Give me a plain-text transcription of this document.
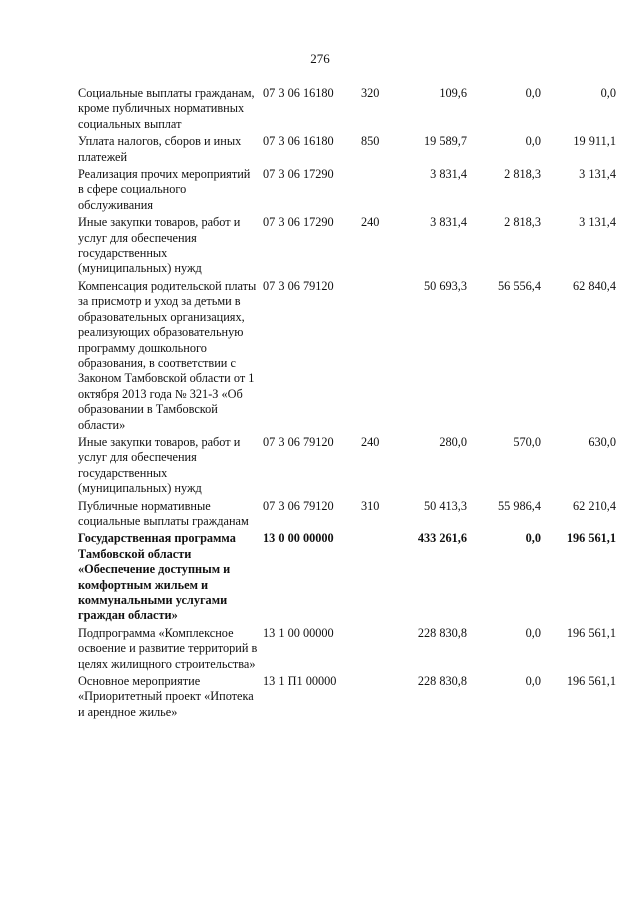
276
Социальные выплаты гражданам, кроме публичных нормативных социальных выплат	07 3 06 16180	320	109,6	0,0	0,0
Уплата налогов, сборов и иных платежей	07 3 06 16180	850	19 589,7	0,0	19 911,1
Реализация прочих мероприятий в сфере социального обслуживания	07 3 06 17290		3 831,4	2 818,3	3 131,4
Иные закупки товаров, работ и услуг для обеспечения государственных (муниципальных) нужд	07 3 06 17290	240	3 831,4	2 818,3	3 131,4
Компенсация родительской платы за присмотр и уход за детьми в образовательных организациях, реализующих образовательную программу дошкольного образования, в соответствии с Законом Тамбовской области от 1 октября 2013 года № 321-З «Об образовании в Тамбовской области»	07 3 06 79120		50 693,3	56 556,4	62 840,4
Иные закупки товаров, работ и услуг для обеспечения государственных (муниципальных) нужд	07 3 06 79120	240	280,0	570,0	630,0
Публичные нормативные социальные выплаты гражданам	07 3 06 79120	310	50 413,3	55 986,4	62 210,4
Государственная программа Тамбовской области «Обеспечение доступным и комфортным жильем и коммунальными услугами граждан области»	13 0 00 00000		433 261,6	0,0	196 561,1
Подпрограмма «Комплексное освоение и развитие территорий в целях жилищного строительства»	13 1 00 00000		228 830,8	0,0	196 561,1
Основное мероприятие «Приоритетный проект «Ипотека и арендное жилье»	13 1 П1 00000		228 830,8	0,0	196 561,1
